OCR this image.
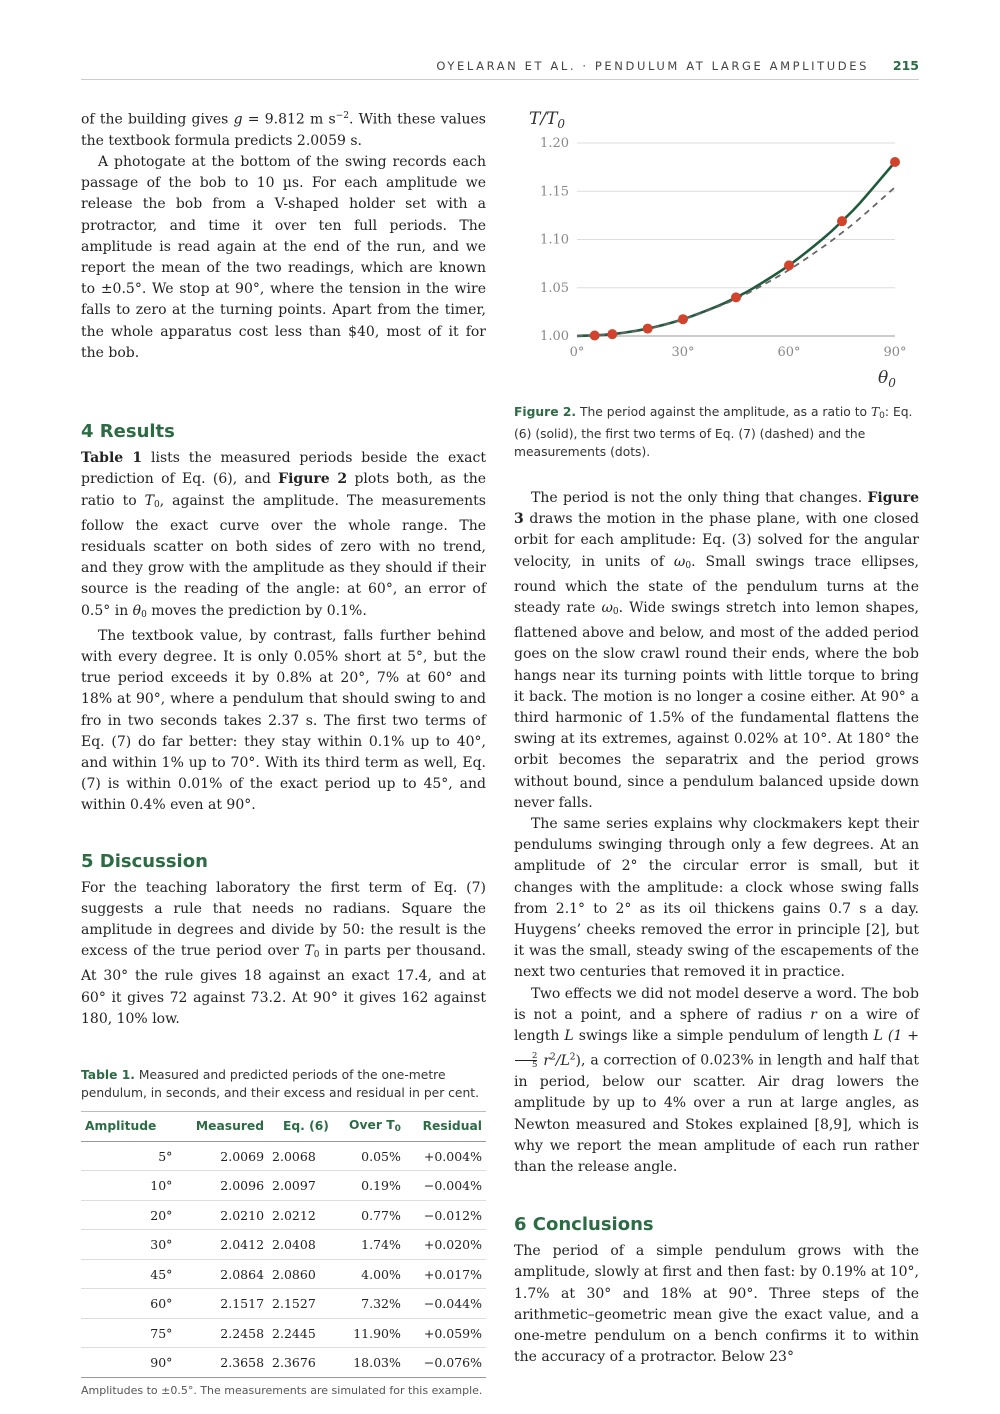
OYELARAN ET AL. · PENDULUM AT LARGE AMPLITUDES 215

of the building gives g = 9.812 m $s^{-2}$. With these values the textbook formula predicts 2.0059 s.

A photogate at the bottom of the swing records each passage of the bob to 10 µs. For each amplitude we release the bob from a V-shaped holder set with a protractor, and time it over ten full periods. The amplitude is read again at the end of the run, and we report the mean of the two readings, which are known to ±0.5°. We stop at 90°, where the tension in the wire falls to zero at the turning points. Apart from the timer, the whole apparatus cost less than $40, most of it for the bob.

4 Results

Table 1 lists the measured periods beside the exact prediction of Eq. (6), and Figure 2 plots both, as the ratio to T0, against the amplitude. The measurements follow the exact curve over the whole range. The residuals scatter on both sides of zero with no trend, and they grow with the amplitude as they should if their source is the reading of the angle: at 60°, an error of 0.5° in θ0 moves the prediction by 0.1%.

The textbook value, by contrast, falls further behind with every degree. It is only 0.05% short at 5°, but the true period exceeds it by 0.8% at 20°, 7% at 60° and 18% at 90°, where a pendulum that should swing to and fro in two seconds takes 2.37 s. The first two terms of Eq. (7) do far better: they stay within 0.1% up to 40°, and within 1% up to 70°. With its third term as well, Eq. (7) is within 0.01% of the exact period up to 45°, and within 0.4% even at 90°.

5 Discussion

For the teaching laboratory the first term of Eq. (7) suggests a rule that needs no radians. Square the amplitude in degrees and divide by 50: the result is the excess of the true period over T0 in parts per thousand. At 30° the rule gives 18 against an exact 17.4, and at 60° it gives 72 against 73.2. At 90° it gives 162 against 180, 10% low.

Table 1. Measured and predicted periods of the one-metre pendulum, in seconds, and their excess and residual in per cent.
Amplitude	Measured	Eq. (6)	Over T0	Residual
5°	2.0069	2.0068	0.05%	+0.004%
10°	2.0096	2.0097	0.19%	−0.004%
20°	2.0210	2.0212	0.77%	−0.012%
30°	2.0412	2.0408	1.74%	+0.020%
45°	2.0864	2.0860	4.00%	+0.017%
60°	2.1517	2.1527	7.32%	−0.044%
75°	2.2458	2.2445	11.90%	+0.059%
90°	2.3658	2.3676	18.03%	−0.076%
Amplitudes to ±0.5°. The measurements are simulated for this example.
1.00
1.05
1.10
1.15
1.20
0°	30°	60°	90°
$T/T_0$
$\theta_0$
Figure 2. The period against the amplitude, as a ratio to T0: Eq. (6) (solid), the first two terms of Eq. (7) (dashed) and the measurements (dots).

The period is not the only thing that changes. Figure 3 draws the motion in the phase plane, with one closed orbit for each amplitude: Eq. (3) solved for the angular velocity, in units of ω0. Small swings trace ellipses, round which the state of the pendulum turns at the steady rate ω0. Wide swings stretch into lemon shapes, flattened above and below, and most of the added period goes on the slow crawl round their ends, where the bob hangs near its turning points with little torque to bring it back. The motion is no longer a cosine either. At 90° a third harmonic of 1.5% of the fundamental flattens the swing at its extremes, against 0.02% at 10°. At 180° the orbit becomes the separatrix and the period grows without bound, since a pendulum balanced upside down never falls.

The same series explains why clockmakers kept their pendulums swinging through only a few degrees. At an amplitude of 2° the circular error is small, but it changes with the amplitude: a clock whose swing falls from 2.1° to 2° as its oil thickens gains 0.7 s a day. Huygens’ cheeks removed the error in principle [2], but it was the small, steady swing of the escapements of the next two centuries that removed it in practice.

Two effects we did not model deserve a word. The bob is not a point, and a sphere of radius r on a wire of length L swings like a simple pendulum of length L (1 +
$\frac{2}{5} r^2/L^2$), a correction of 0.023% in length and half that in period, below our scatter. Air drag lowers the amplitude by up to 4% over a run at large angles, as Newton measured and Stokes explained [8,9], which is why we report the mean amplitude of each run rather than the release angle.

6 Conclusions

The period of a simple pendulum grows with the amplitude, slowly at first and then fast: by 0.19% at 10°, 1.7% at 30° and 18% at 90°. Three steps of the arithmetic–geometric mean give the exact value, and a one-metre pendulum on a bench confirms it to within the accuracy of a protractor. Below 23°
